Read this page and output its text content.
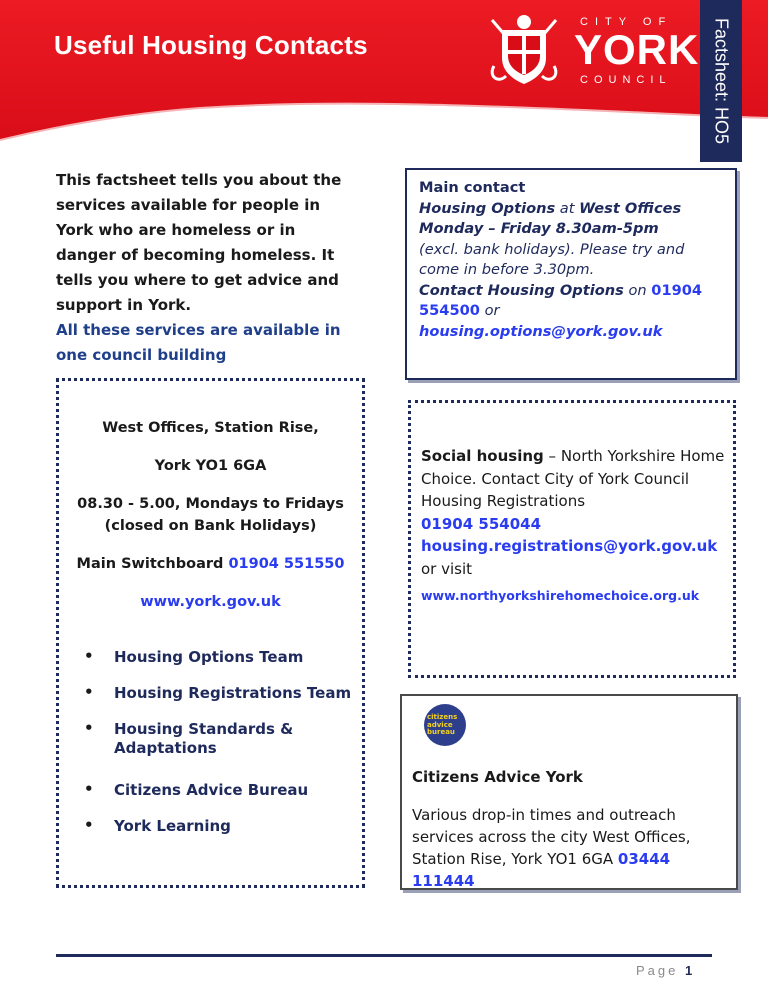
Useful Housing Contacts
CITY OF
YORK
COUNCIL Factsheet: HO5
This factsheet tells you about the services available for people in York who are homeless or in danger of becoming homeless. It tells you where to get advice and support in York.
All these services are available in one council building
Main contact
Housing Options at West Offices
Monday – Friday 8.30am-5pm
(excl. bank holidays). Please try and come in before 3.30pm.
Contact Housing Options on 01904 554500 or
housing.options@york.gov.uk
West Offices, Station Rise,
York YO1 6GA
08.30 - 5.00, Mondays to Fridays
(closed on Bank Holidays)
Main Switchboard 01904 551550
www.york.gov.uk
• Housing Options Team
• Housing Registrations Team
• Housing Standards & Adaptations
• Citizens Advice Bureau
• York Learning
Social housing – North Yorkshire Home Choice. Contact City of York Council Housing Registrations
01904 554044
housing.registrations@york.gov.uk
or visit
www.northyorkshirehomechoice.org.uk
citizens advice bureau
Citizens Advice York
Various drop-in times and outreach services across the city West Offices, Station Rise, York YO1 6GA 03444 111444
Page 1
